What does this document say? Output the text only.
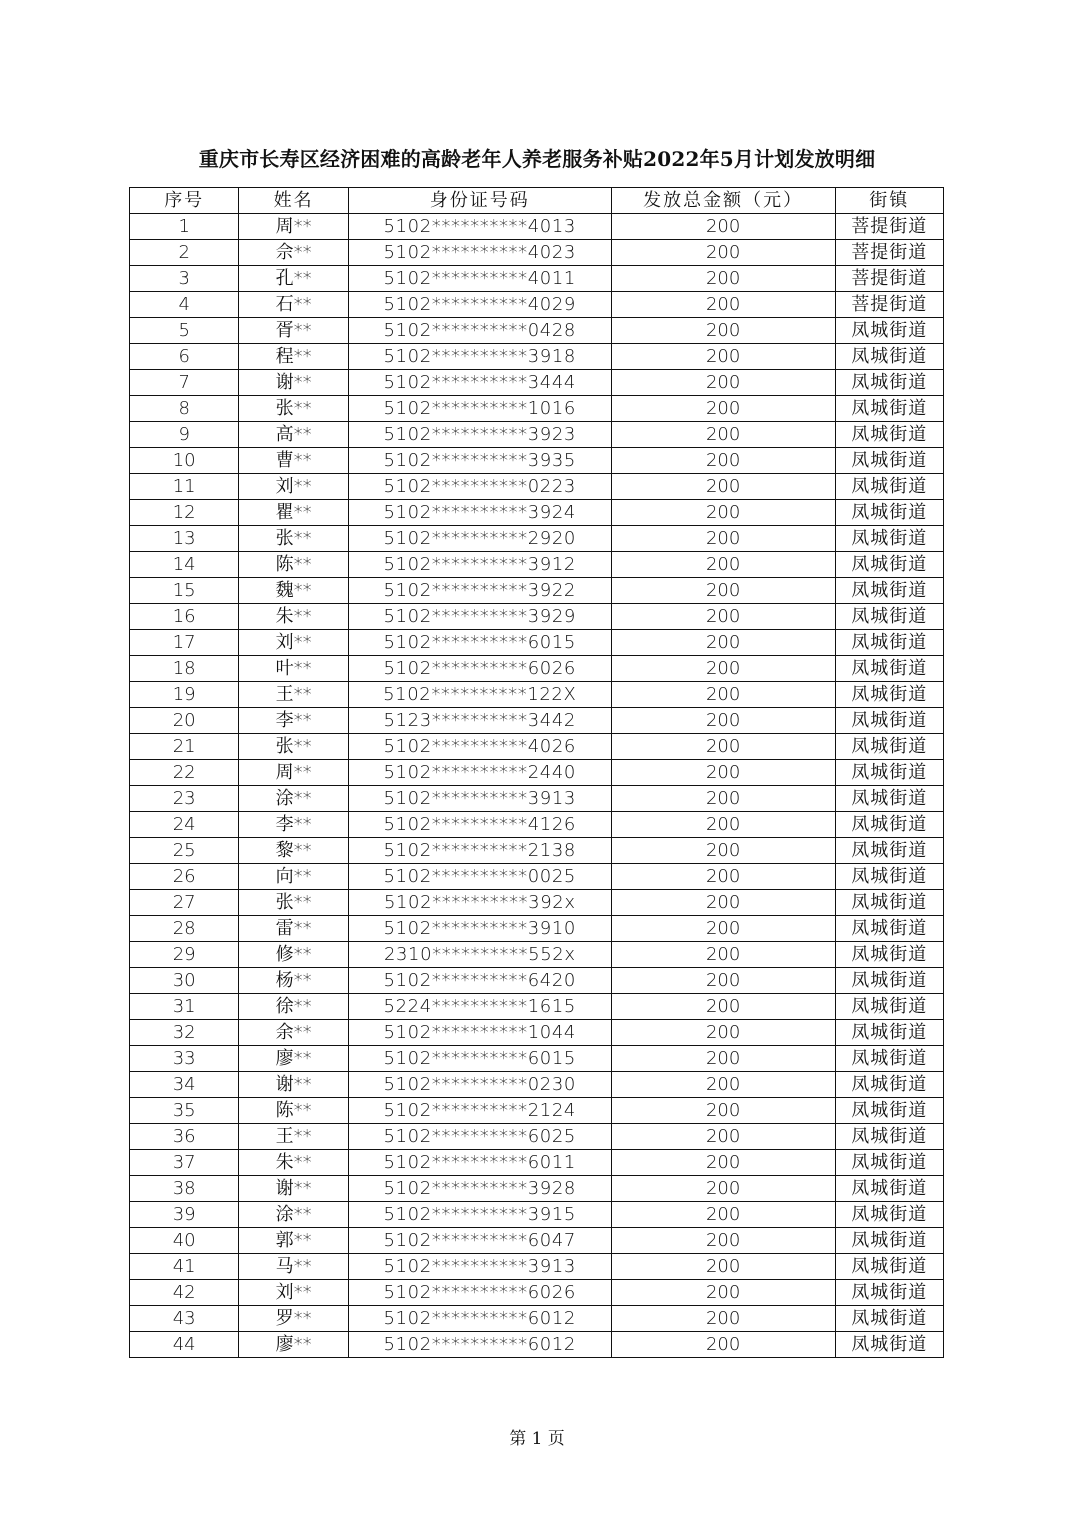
重庆市长寿区经济困难的高龄老年人养老服务补贴2022年5月计划发放明细
序号	姓名	身份证号码	发放总金额（元）	街镇
1	周**	5102**********4013	200	菩提街道
2	佘**	5102**********4023	200	菩提街道
3	孔**	5102**********4011	200	菩提街道
4	石**	5102**********4029	200	菩提街道
5	胥**	5102**********0428	200	凤城街道
6	程**	5102**********3918	200	凤城街道
7	谢**	5102**********3444	200	凤城街道
8	张**	5102**********1016	200	凤城街道
9	高**	5102**********3923	200	凤城街道
10	曹**	5102**********3935	200	凤城街道
11	刘**	5102**********0223	200	凤城街道
12	瞿**	5102**********3924	200	凤城街道
13	张**	5102**********2920	200	凤城街道
14	陈**	5102**********3912	200	凤城街道
15	魏**	5102**********3922	200	凤城街道
16	朱**	5102**********3929	200	凤城街道
17	刘**	5102**********6015	200	凤城街道
18	叶**	5102**********6026	200	凤城街道
19	王**	5102**********122X	200	凤城街道
20	李**	5123**********3442	200	凤城街道
21	张**	5102**********4026	200	凤城街道
22	周**	5102**********2440	200	凤城街道
23	涂**	5102**********3913	200	凤城街道
24	李**	5102**********4126	200	凤城街道
25	黎**	5102**********2138	200	凤城街道
26	向**	5102**********0025	200	凤城街道
27	张**	5102**********392x	200	凤城街道
28	雷**	5102**********3910	200	凤城街道
29	修**	2310**********552x	200	凤城街道
30	杨**	5102**********6420	200	凤城街道
31	徐**	5224**********1615	200	凤城街道
32	余**	5102**********1044	200	凤城街道
33	廖**	5102**********6015	200	凤城街道
34	谢**	5102**********0230	200	凤城街道
35	陈**	5102**********2124	200	凤城街道
36	王**	5102**********6025	200	凤城街道
37	朱**	5102**********6011	200	凤城街道
38	谢**	5102**********3928	200	凤城街道
39	涂**	5102**********3915	200	凤城街道
40	郭**	5102**********6047	200	凤城街道
41	马**	5102**********3913	200	凤城街道
42	刘**	5102**********6026	200	凤城街道
43	罗**	5102**********6012	200	凤城街道
44	廖**	5102**********6012	200	凤城街道
第 1 页
